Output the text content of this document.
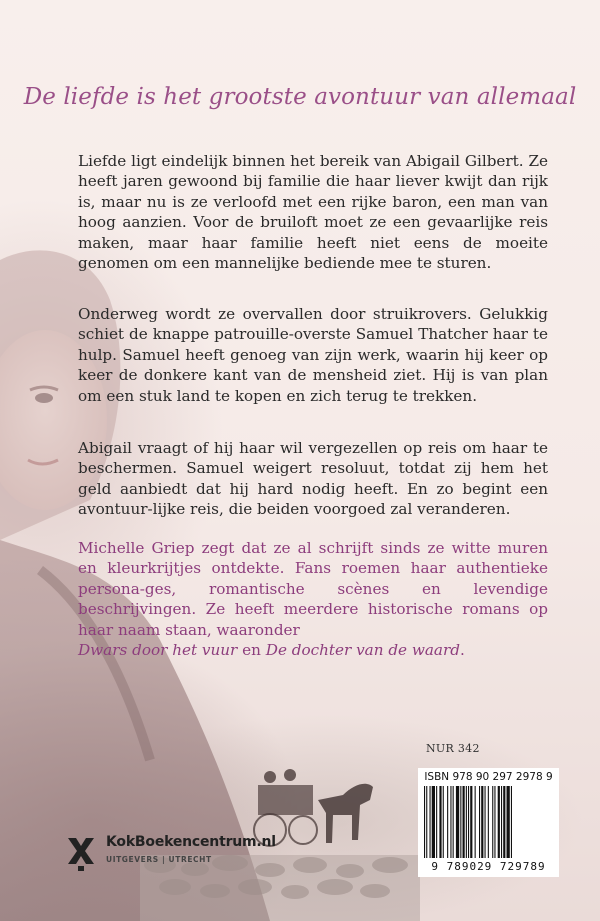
De liefde is het grootste avontuur van allemaal
Liefde ligt eindelijk binnen het bereik van Abigail Gilbert. Ze heeft jaren gewoond bij familie die haar liever kwijt dan rijk is, maar nu is ze verloofd met een rijke baron, een man van hoog aanzien. Voor de bruiloft moet ze een gevaarlijke reis maken, maar haar familie heeft niet eens de moeite genomen om een mannelijke bediende mee te sturen.
Onderweg wordt ze overvallen door struikrovers. Gelukkig schiet de knappe patrouille-overste Samuel Thatcher haar te hulp. Samuel heeft genoeg van zijn werk, waarin hij keer op keer de donkere kant van de mensheid ziet. Hij is van plan om een stuk land te kopen en zich terug te trekken.
Abigail vraagt of hij haar wil vergezellen op reis om haar te beschermen. Samuel weigert resoluut, totdat zij hem het geld aanbiedt dat hij hard nodig heeft. En zo begint een avontuur-lijke reis, die beiden voorgoed zal veranderen.
Michelle Griep zegt dat ze al schrijft sinds ze witte muren en kleurkrijtjes ontdekte. Fans roemen haar authentieke persona-ges, romantische scènes en levendige beschrijvingen. Ze heeft meerdere historische romans op haar naam staan, waaronder
Dwars door het vuur en De dochter van de waard.
NUR 342
ISBN 978 90 297 2978 9
9 789029 729789
KokBoekencentrum.nl
UITGEVERS | UTRECHT
